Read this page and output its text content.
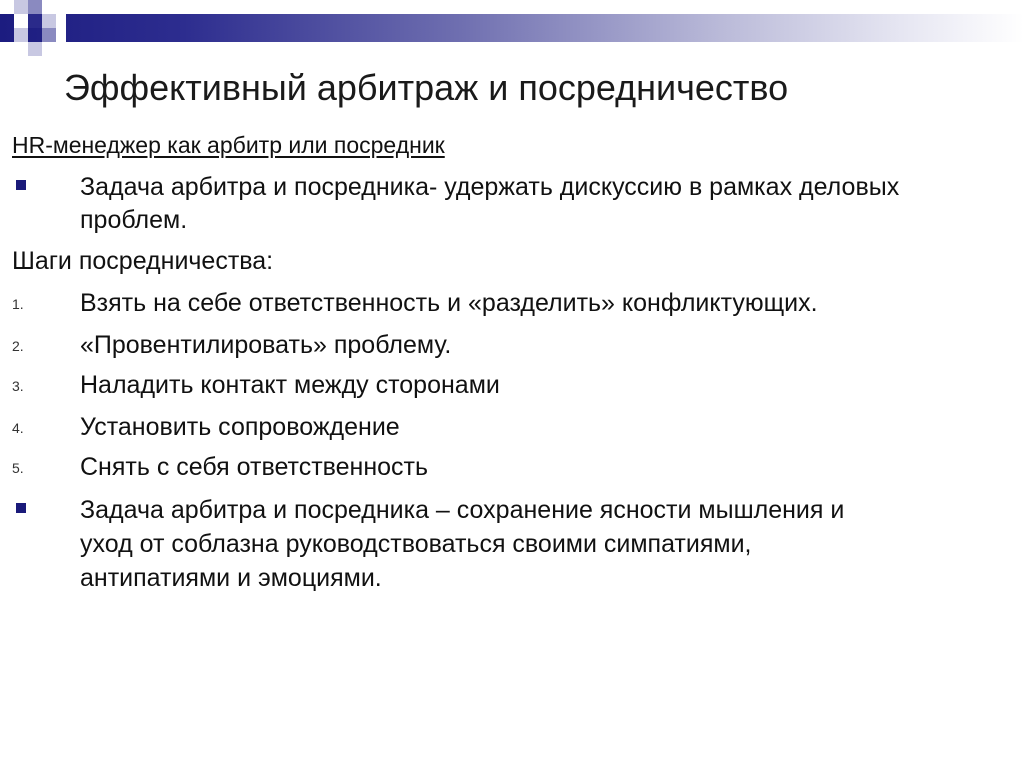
Эффективный арбитраж и посредничество
HR-менеджер как арбитр или посредник
Задача арбитра и посредника- удержать дискуссию в рамках деловых
проблем.
Шаги посредничества:
1. Взять на себе ответственность и «разделить» конфликтующих.
2. «Провентилировать» проблему.
3. Наладить контакт между сторонами
4. Установить сопровождение
5. Снять с себя ответственность
Задача арбитра и посредника – сохранение ясности мышления и
уход от соблазна руководствоваться своими симпатиями,
антипатиями и эмоциями.
